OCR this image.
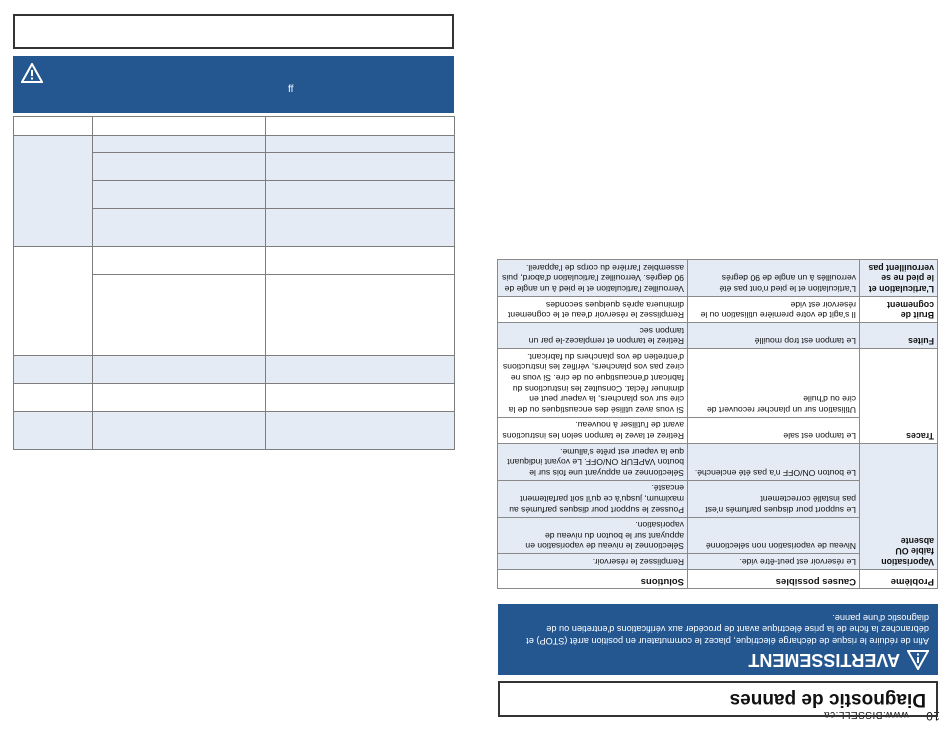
ff

10 www.BISSELL.ca
Diagnostic de pannes
AVERTISSEMENT
Afin de réduire le risque de décharge électrique, placez le commutateur en position arrêt (STOP) et débranchez la fiche de la prise électrique avant de procéder aux vérifications d'entretien ou de diagnostic d'une panne.
Problème	Causes possibles	Solutions
Vaporisation faible OU absente	Le réservoir est peut-être vide.	Remplissez le réservoir.
	Niveau de vaporisation non sélectionné	Sélectionnez le niveau de vaporisation en appuyant sur le bouton du niveau de vaporisation.
	Le support pour disques parfumés n'est pas installé correctement	Poussez le support pour disques parfumés au maximum, jusqu'à ce qu'il soit parfaitement encasté.
	Le bouton ON/OFF n'a pas été enclenché.	Sélectionnez en appuyant une fois sur le bouton VAPEUR ON/OFF. Le voyant indiquant que la vapeur est prête s'allume.
Traces	Le tampon est sale	Retirez et lavez le tampon selon les instructions avant de l'utiliser à nouveau.
	Utilisation sur un plancher recouvert de cire ou d'huile	Si vous avez utilisé des encaustiques ou de la cire sur vos planchers, la vapeur peut en diminuer l'éclat. Consultez les instructions du fabricant d'encaustique ou de cire. Si vous ne cirez pas vos planchers, vérifiez les instructions d'entretien de vos planchers du fabricant.
Fuites	Le tampon est trop mouillé	Retirez le tampon et remplacez-le par un tampon sec
Bruit de cognement	Il s'agit de votre première utilisation ou le réservoir est vide	Remplissez le réservoir d'eau et le cognement diminuera après quelques secondes
L'articulation et le pied ne se verrouillent pas	L'articulation et le pied n'ont pas été verrouillés à un angle de 90 degrés	Verrouillez l'articulation et le pied à un angle de 90 degrés. Verrouillez l'articulation d'abord, puis assemblez l'arrière du corps de l'appareil.
